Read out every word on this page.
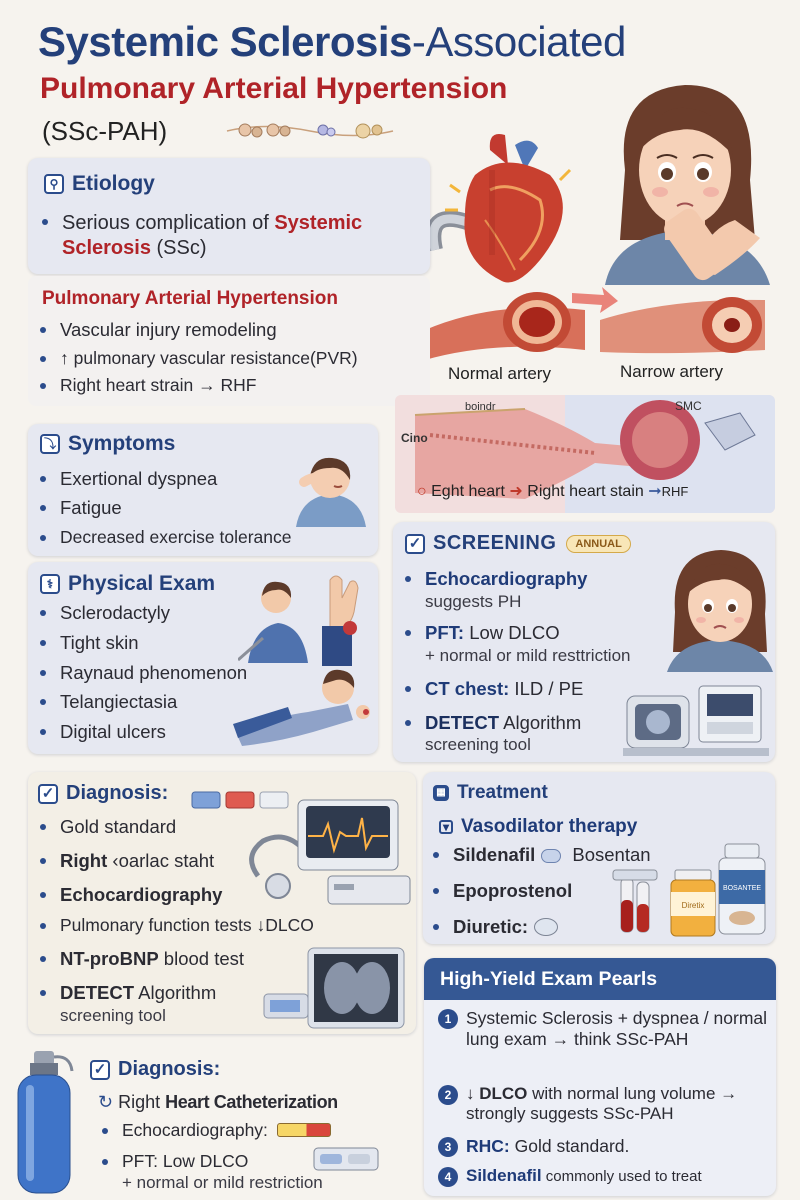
Systemic Sclerosis-Associated
Pulmonary Arterial Hypertension
(SSc-PAH)
Normal artery	Narrow artery
⚲ Etiology
Serious complication of Systemic Sclerosis (SSc)
Pulmonary Arterial Hypertension
Vascular injury remodeling
↑ pulmonary vascular resistance(PVR)
Right heart strain → RHF
boindr
Cino
SMC
○ Eght heart ➜ Right heart stain ➞RHF
⤵ Symptoms
Exertional dyspnea
Fatigue
Decreased exercise tolerance
⚕ Physical Exam
Sclerodactyly
Tight skin
Raynaud phenomenon
Telangiectasia
Digital ulcers
✓ SCREENING	ANNUAL
Echocardiography
suggests PH
PFT: Low DLCO
+ normal or mild resttriction
CT chest: ILD / PE
DETECT Algorithm
screening tool
✓ Diagnosis:
Gold standard
Right ‹oarlac staht
Echocardiography
Pulmonary function tests ↓DLCO
NT-proBNP blood test
DETECT Algorithm
screening tool
▦ Treatment
▾ Vasodilator therapy
Sildenafil Bosentan
Epoprostenol
Diuretic:
Diretix
BOSANTEE
High-Yield Exam Pearls
1 Systemic Sclerosis + dyspnea / normal lung exam → think SSc-PAH
2 ↓ DLCO with normal lung volume → strongly suggests SSc-PAH
3 RHC: Gold standard.
4 Sildenafil commonly used to treat
✓ Diagnosis:
↻ Right Heart Catheterization
Echocardiography:
PFT: Low DLCO
+ normal or mild restriction
